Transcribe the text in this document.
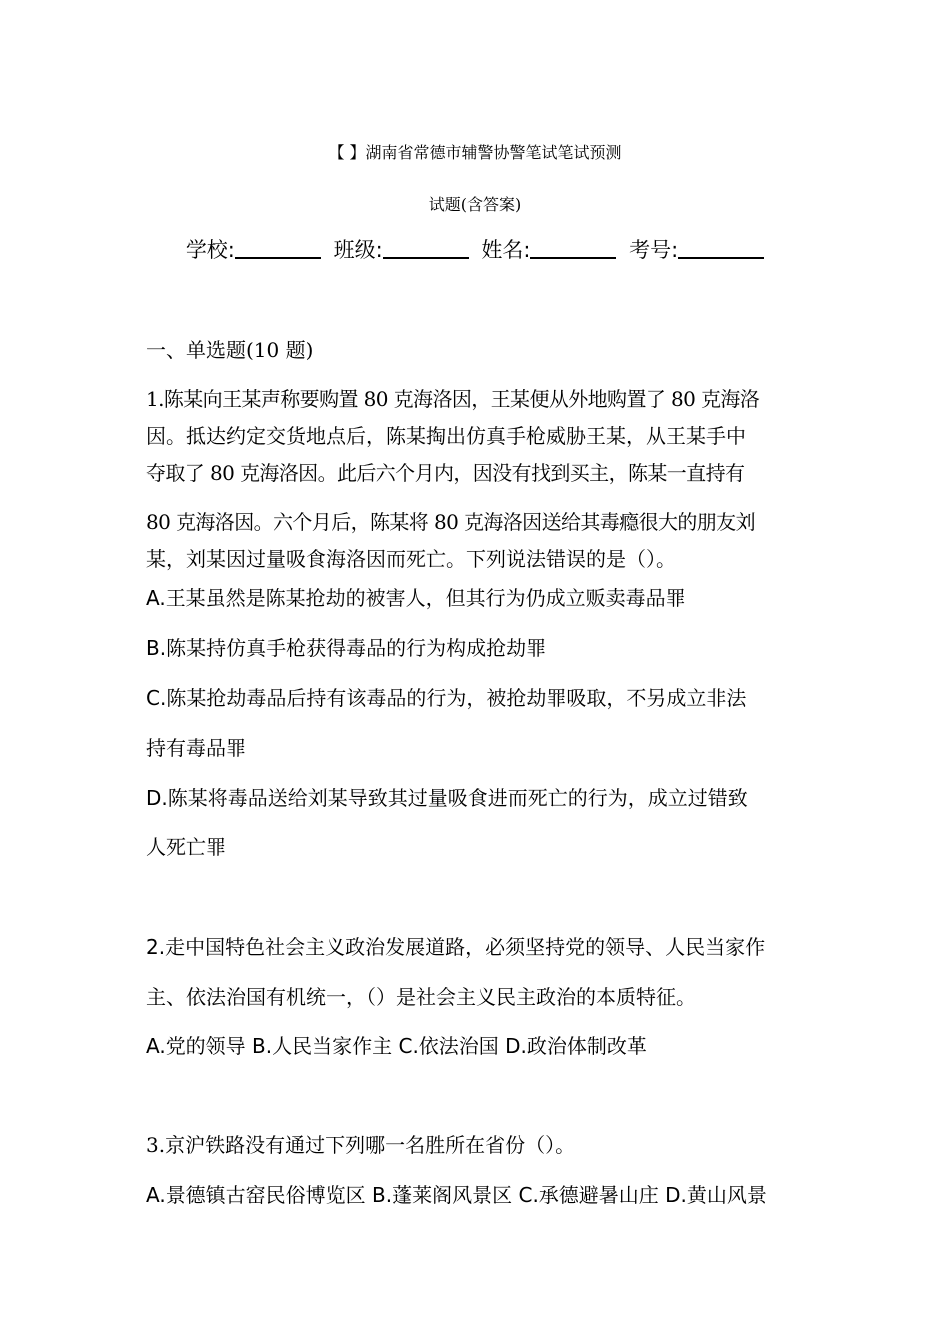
【 】湖南省常德市辅警协警笔试笔试预测
试题(含答案)
学校:	班级:	姓名:	考号:
一、单选题(10 题)
1.陈某向王某声称要购置 80 克海洛因，王某便从外地购置了 80 克海洛
因。抵达约定交货地点后，陈某掏出仿真手枪威胁王某，从王某手中
夺取了 80 克海洛因。此后六个月内，因没有找到买主，陈某一直持有
80 克海洛因。六个月后，陈某将 80 克海洛因送给其毒瘾很大的朋友刘
某，刘某因过量吸食海洛因而死亡。下列说法错误的是（）。
A.王某虽然是陈某抢劫的被害人，但其行为仍成立贩卖毒品罪
B.陈某持仿真手枪获得毒品的行为构成抢劫罪
C.陈某抢劫毒品后持有该毒品的行为，被抢劫罪吸取，不另成立非法
持有毒品罪
D.陈某将毒品送给刘某导致其过量吸食进而死亡的行为，成立过错致
人死亡罪
2.走中国特色社会主义政治发展道路，必须坚持党的领导、人民当家作
主、依法治国有机统一，（）是社会主义民主政治的本质特征。
A.党的领导 B.人民当家作主 C.依法治国 D.政治体制改革
3.京沪铁路没有通过下列哪一名胜所在省份（）。
A.景德镇古窑民俗博览区 B.蓬莱阁风景区 C.承德避暑山庄 D.黄山风景
